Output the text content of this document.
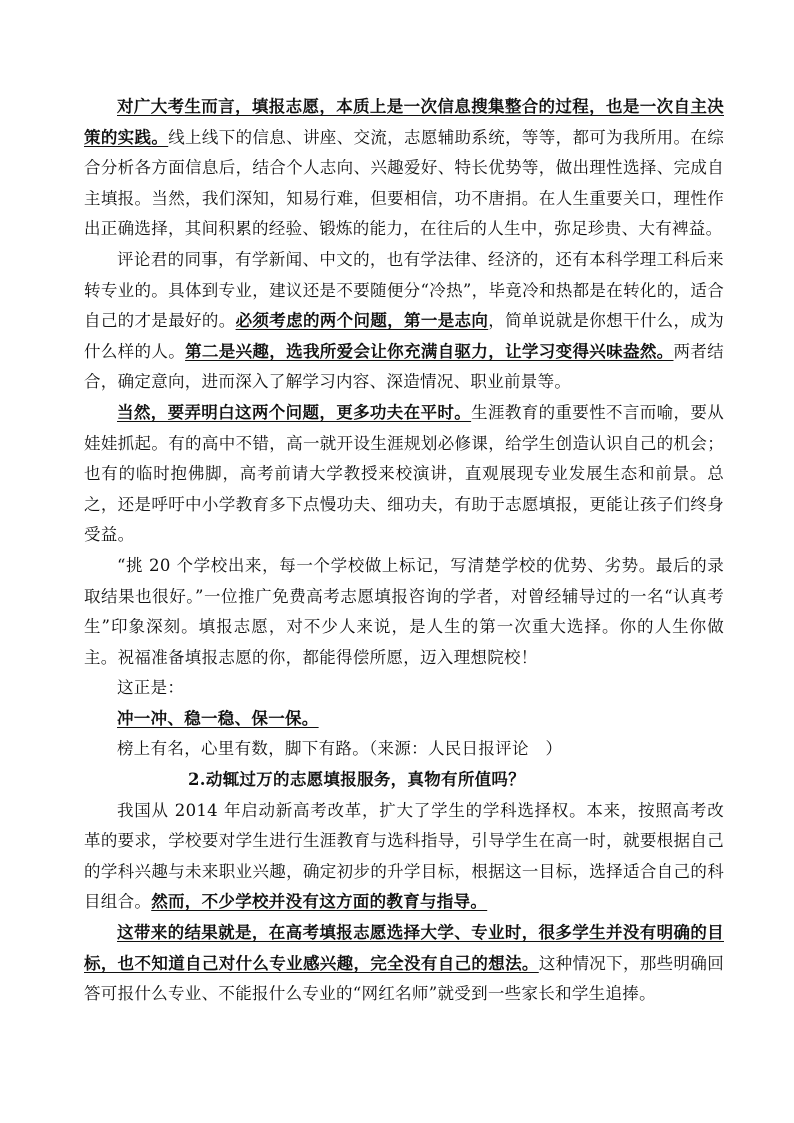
对广大考生而言，填报志愿，本质上是一次信息搜集整合的过程，也是一次自主决策的实践。线上线下的信息、讲座、交流，志愿辅助系统，等等，都可为我所用。在综合分析各方面信息后，结合个人志向、兴趣爱好、特长优势等，做出理性选择、完成自主填报。当然，我们深知，知易行难，但要相信，功不唐捐。在人生重要关口，理性作出正确选择，其间积累的经验、锻炼的能力，在往后的人生中，弥足珍贵、大有裨益。

评论君的同事，有学新闻、中文的，也有学法律、经济的，还有本科学理工科后来转专业的。具体到专业，建议还是不要随便分“冷热”，毕竟冷和热都是在转化的，适合自己的才是最好的。必须考虑的两个问题，第一是志向，简单说就是你想干什么，成为什么样的人。第二是兴趣，选我所爱会让你充满自驱力，让学习变得兴味盎然。两者结合，确定意向，进而深入了解学习内容、深造情况、职业前景等。

当然，要弄明白这两个问题，更多功夫在平时。生涯教育的重要性不言而喻，要从娃娃抓起。有的高中不错，高一就开设生涯规划必修课，给学生创造认识自己的机会；也有的临时抱佛脚，高考前请大学教授来校演讲，直观展现专业发展生态和前景。总之，还是呼吁中小学教育多下点慢功夫、细功夫，有助于志愿填报，更能让孩子们终身受益。

“挑 20 个学校出来，每一个学校做上标记，写清楚学校的优势、劣势。最后的录取结果也很好。”一位推广免费高考志愿填报咨询的学者，对曾经辅导过的一名“认真考生”印象深刻。填报志愿，对不少人来说，是人生的第一次重大选择。你的人生你做主。祝福准备填报志愿的你，都能得偿所愿，迈入理想院校！

这正是：

冲一冲、稳一稳、保一保。

榜上有名，心里有数，脚下有路。（来源：人民日报评论　）

2.动辄过万的志愿填报服务，真物有所值吗？

我国从 2014 年启动新高考改革，扩大了学生的学科选择权。本来，按照高考改革的要求，学校要对学生进行生涯教育与选科指导，引导学生在高一时，就要根据自己的学科兴趣与未来职业兴趣，确定初步的升学目标，根据这一目标，选择适合自己的科目组合。然而，不少学校并没有这方面的教育与指导。

这带来的结果就是，在高考填报志愿选择大学、专业时，很多学生并没有明确的目标，也不知道自己对什么专业感兴趣，完全没有自己的想法。这种情况下，那些明确回答可报什么专业、不能报什么专业的“网红名师”就受到一些家长和学生追捧。
